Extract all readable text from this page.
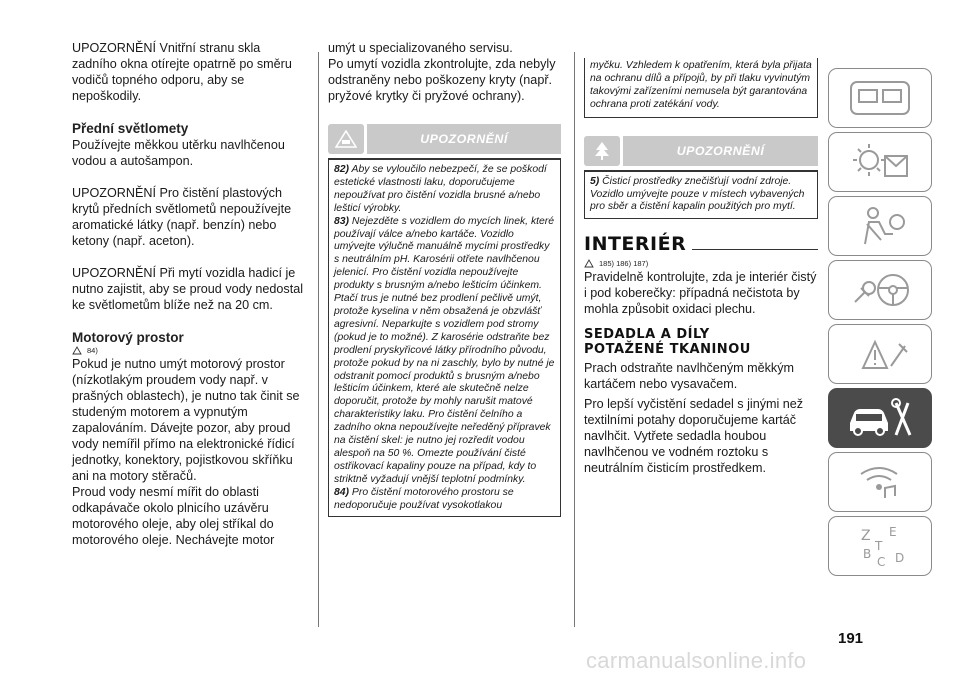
UPOZORNĚNÍ Vnitřní stranu skla zadního okna otírejte opatrně po směru vodičů topného odporu, aby se nepoškodily.

Přední světlomety

Používejte měkkou utěrku navlhčenou vodou a autošampon.

UPOZORNĚNÍ Pro čistění plastových krytů předních světlometů nepoužívejte aromatické látky (např. benzín) nebo ketony (např. aceton).

UPOZORNĚNÍ Při mytí vozidla hadicí je nutno zajistit, aby se proud vody nedostal ke světlometům blíže než na 20 cm.

Motorový prostor
84)

Pokud je nutno umýt motorový prostor (nízkotlakým proudem vody např. v prašných oblastech), je nutno tak činit se studeným motorem a vypnutým zapalováním. Dávejte pozor, aby proud vody nemířil přímo na elektronické řídicí jednotky, konektory, pojistkovou skříňku ani na motory stěračů.

Proud vody nesmí mířit do oblasti odkapávače okolo plnicího uzávěru motorového oleje, aby olej stříkal do motorového oleje. Nechávejte motor

umýt u specializovaného servisu.

Po umytí vozidla zkontrolujte, zda nebyly odstraněny nebo poškozeny kryty (např. pryžové krytky či pryžové ochrany).

UPOZORNĚNÍ

82) Aby se vyloučilo nebezpečí, že se poškodí estetické vlastnosti laku, doporučujeme nepoužívat pro čistění vozidla brusné a/nebo lešticí výrobky.

83) Nejezděte s vozidlem do mycích linek, které používají válce a/nebo kartáče. Vozidlo umývejte výlučně manuálně mycími prostředky s neutrálním pH. Karosérii otřete navlhčenou jelenicí. Pro čistění vozidla nepoužívejte produkty s brusným a/nebo lešticím účinkem. Ptačí trus je nutné bez prodlení pečlivě umýt, protože kyselina v něm obsažená je obzvlášť agresivní. Neparkujte s vozidlem pod stromy (pokud je to možné). Z karosérie odstraňte bez prodlení pryskyřicové látky přírodního původu, protože pokud by na ni zaschly, bylo by nutné je odstranit pomocí produktů s brusným a/nebo lešticím účinkem, které ale skutečně nelze doporučit, protože by mohly narušit matové charakteristiky laku. Pro čistění čelního a zadního okna nepoužívejte neředěný přípravek na čistění skel: je nutno jej rozředit vodou alespoň na 50 %. Omezte používání čisté ostřikovací kapaliny pouze na případ, kdy to striktně vyžadují vnější teplotní podmínky.

84) Pro čistění motorového prostoru se nedoporučuje používat vysokotlakou

myčku. Vzhledem k opatřením, která byla přijata na ochranu dílů a přípojů, by při tlaku vyvinutým takovými zařízeními nemusela být garantována ochrana proti zatékání vody.
UPOZORNĚNÍ

5) Čisticí prostředky znečišťují vodní zdroje. Vozidlo umývejte pouze v místech vybavených pro sběr a čistění kapalin použitých pro mytí.

INTERIÉR
185) 186) 187)

Pravidelně kontrolujte, zda je interiér čistý i pod koberečky: případná nečistota by mohla způsobit oxidaci plechu.

SEDADLA A DÍLY
POTAŽENÉ TKANINOU

Prach odstraňte navlhčeným měkkým kartáčem nebo vysavačem.

Pro lepší vyčistění sedadel s jinými než textilními potahy doporučujeme kartáč navlhčit. Vytřete sedadla houbou navlhčenou ve vodném roztoku s neutrálním čisticím prostředkem.

Z E
B
C D
T
191
carmanualsonline.info
